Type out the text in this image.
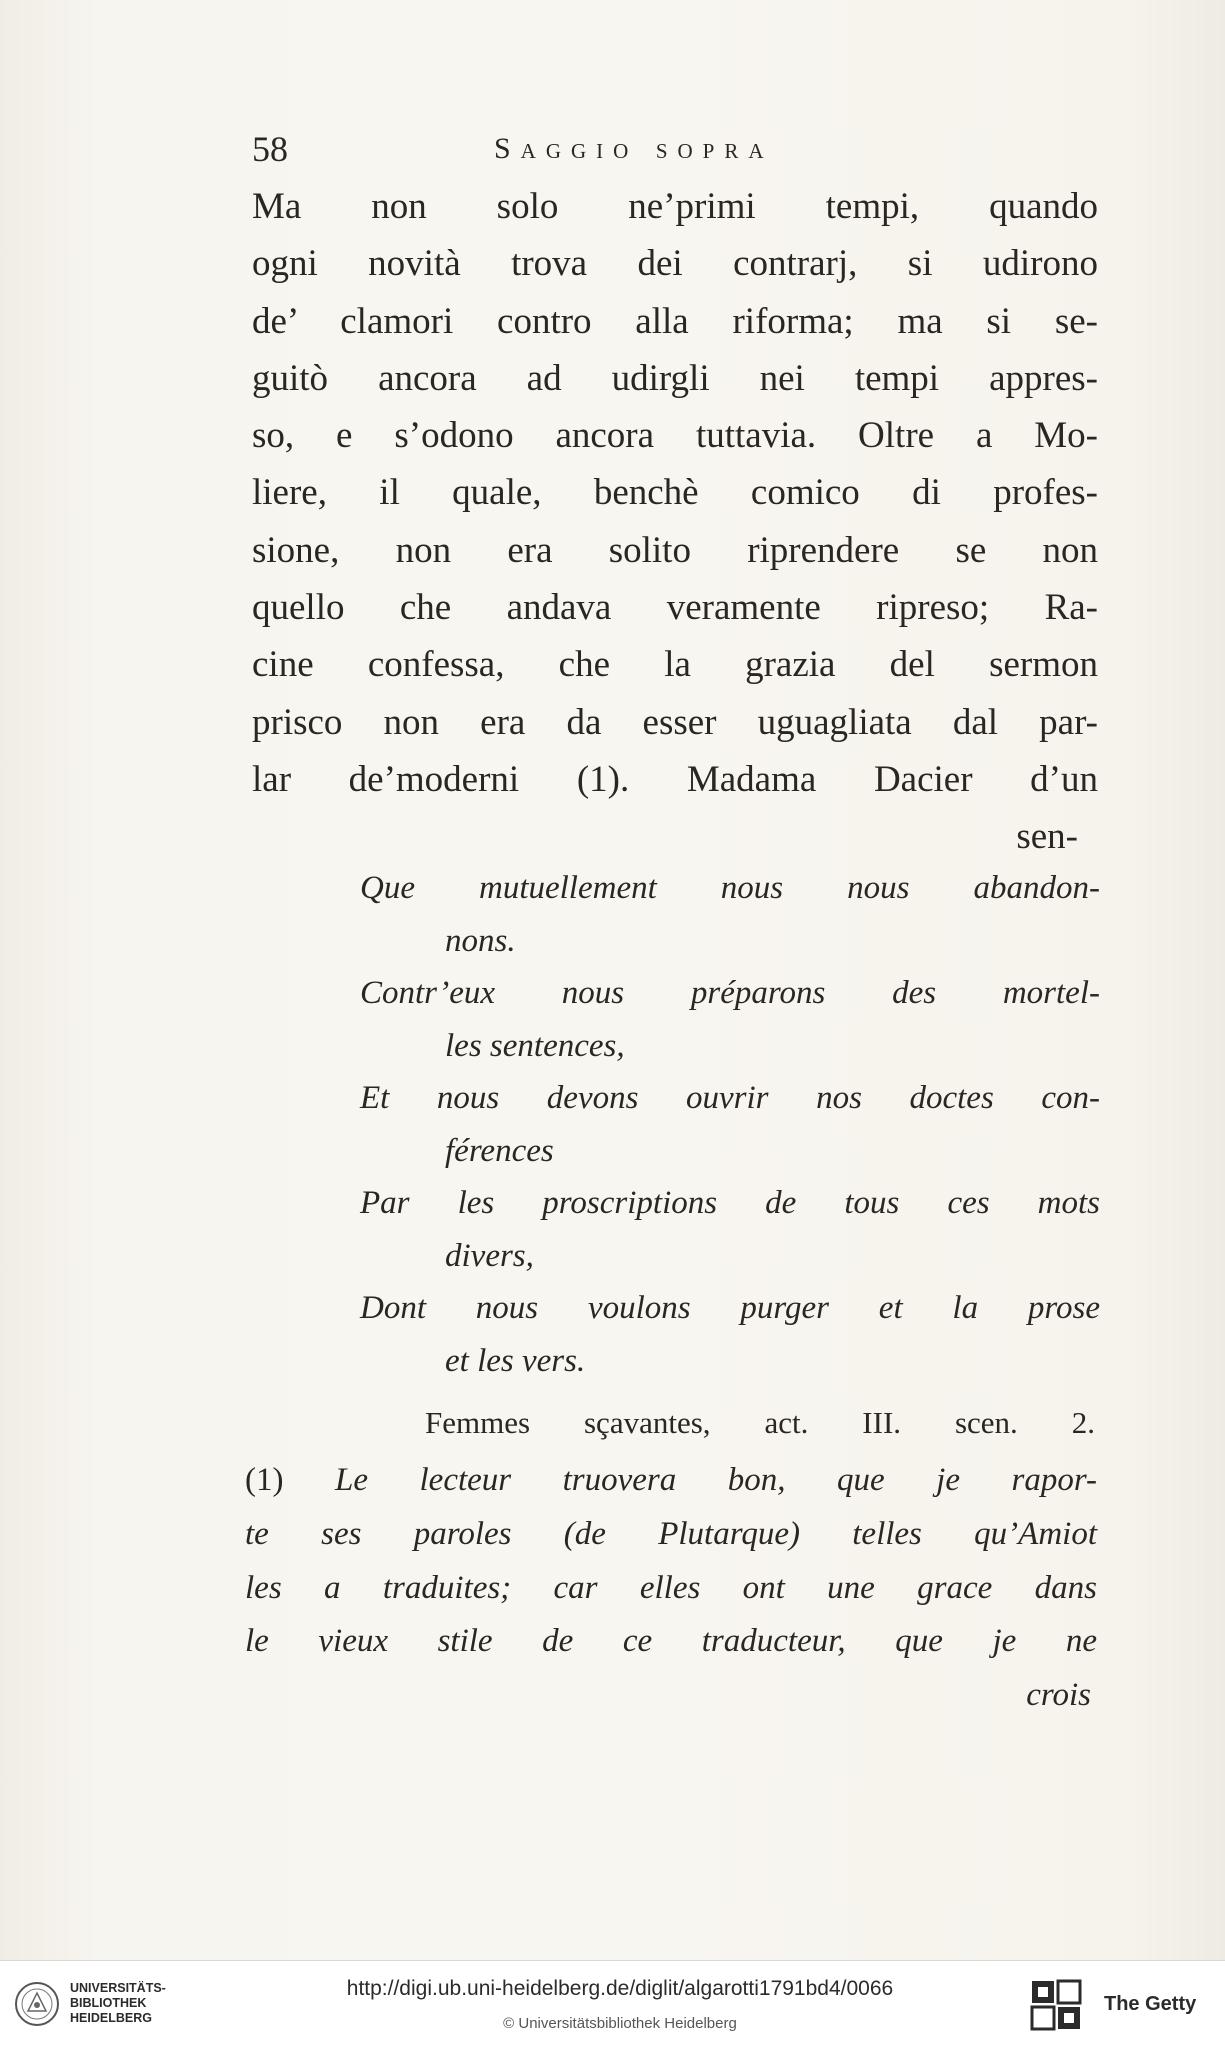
58	Saggio sopra
Ma non solo ne’primi tempi, quando
ogni novità trova dei contrarj, si udirono
de’ clamori contro alla riforma; ma si se-
guitò ancora ad udirgli nei tempi appres-
so, e s’odono ancora tuttavia. Oltre a Mo-
liere, il quale, benchè comico di profes-
sione, non era solito riprendere se non
quello che andava veramente ripreso; Ra-
cine confessa, che la grazia del sermon
prisco non era da esser uguagliata dal par-
lar de’moderni (1). Madama Dacier d’un
sen-
Que mutuellement nous nous abandon-
nons.
Contr’eux nous préparons des mortel-
les sentences,
Et nous devons ouvrir nos doctes con-
férences
Par les proscriptions de tous ces mots
divers,
Dont nous voulons purger et la prose
et les vers.
Femmes sçavantes, act. III. scen. 2.
(1) Le lecteur truovera bon, que je rapor-
te ses paroles (de Plutarque) telles qu’Amiot
les a traduites; car elles ont une grace dans
le vieux stile de ce traducteur, que je ne
crois
UNIVERSITÄTS-
BIBLIOTHEK
HEIDELBERG
http://digi.ub.uni-heidelberg.de/diglit/algarotti1791bd4/0066
© Universitätsbibliothek Heidelberg
The Getty
